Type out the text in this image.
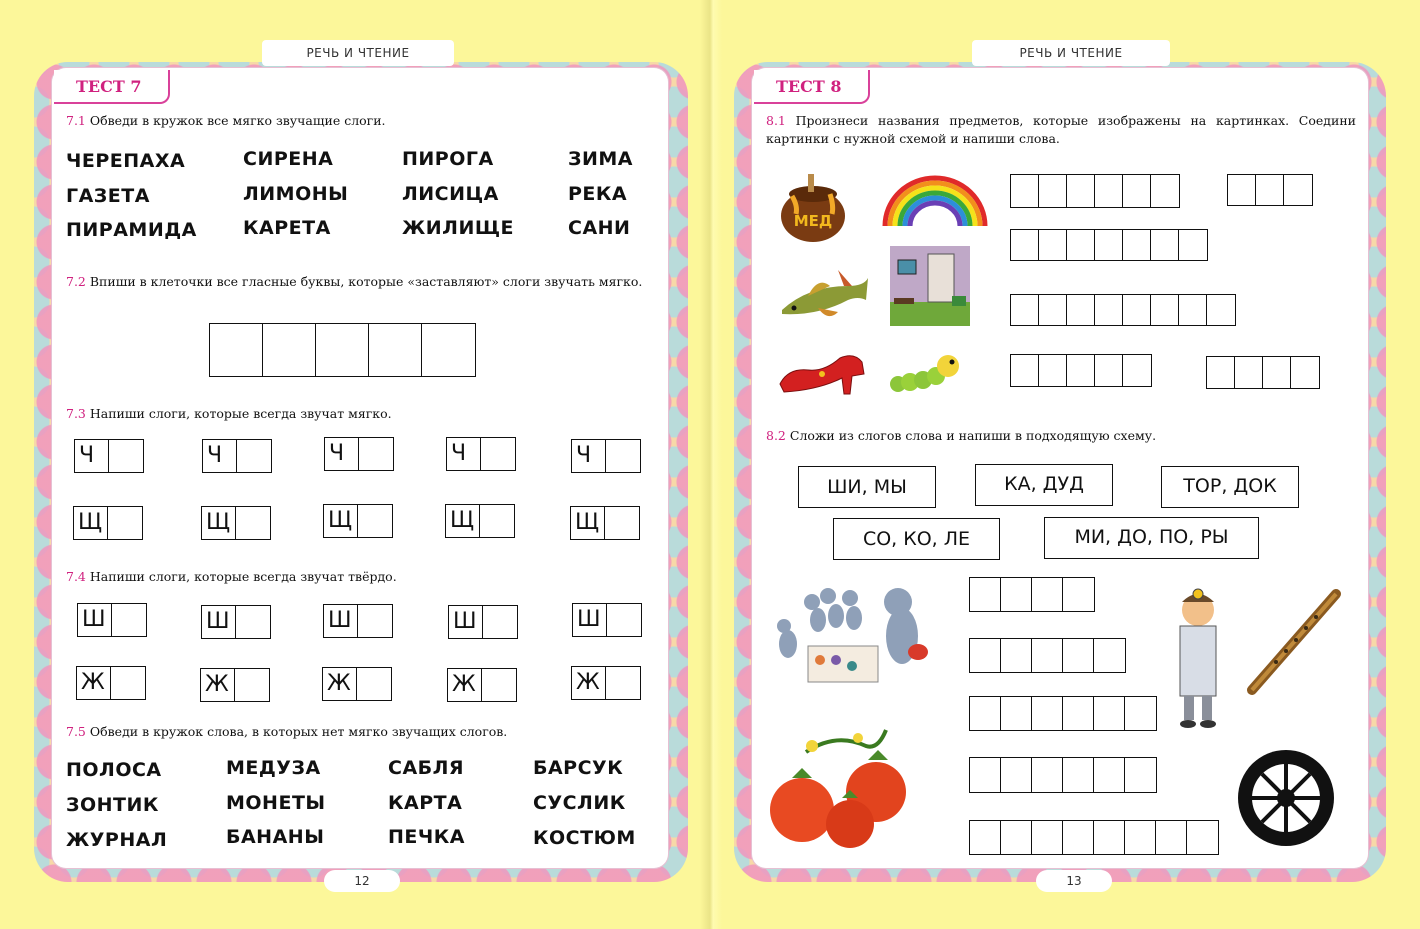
РЕЧЬ И ЧТЕНИЕ
ТЕСТ 7
12
7.1 Обведи в кружок все мягко звучащие слоги.
ЧЕРЕПАХА	СИРЕНА	ПИРОГА	ЗИМА
ГАЗЕТА	ЛИМОНЫ	ЛИСИЦА	РЕКА
ПИРАМИДА КАРЕТА	ЖИЛИЩЕ	САНИ
7.2 Впиши в клеточки все гласные буквы, которые «заставляют» слоги звучать мягко.
7.3 Напиши слоги, которые всегда звучат мягко.
Ч	Ч	Ч	Ч	Ч
Щ	Щ	Щ	Щ	Щ
7.4 Напиши слоги, которые всегда звучат твёрдо.
Ш	Ш	Ш	Ш	Ш
Ж	Ж	Ж	Ж	Ж
7.5 Обведи в кружок слова, в которых нет мягко звучащих слогов.
ПОЛОСА	МЕДУЗА	САБЛЯ	БАРСУК
ЗОНТИК	МОНЕТЫ	КАРТА	СУСЛИК
ЖУРНАЛ	БАНАНЫ	ПЕЧКА	КОСТЮМ
РЕЧЬ И ЧТЕНИЕ
ТЕСТ 8
13
8.1 Произнеси названия предметов, которые изображены на картинках. Соедини картинки с нужной схемой и напиши слова.
МЕД
8.2 Сложи из слогов слова и напиши в подходящую схему.
ШИ, МЫ	КА, ДУД	ТОР, ДОК
СО, КО, ЛЕ	МИ, ДО, ПО, РЫ
